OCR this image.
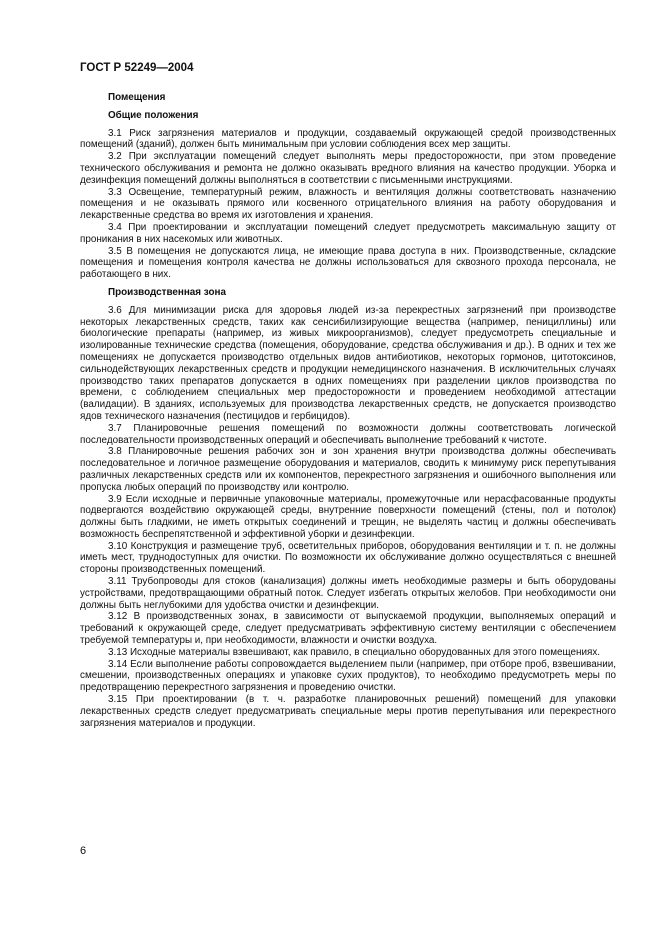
ГОСТ Р 52249—2004
Помещения
Общие положения

3.1 Риск загрязнения материалов и продукции, создаваемый окружающей средой производственных помещений (зданий), должен быть минимальным при условии соблюдения всех мер защиты.

3.2 При эксплуатации помещений следует выполнять меры предосторожности, при этом проведение технического обслуживания и ремонта не должно оказывать вредного влияния на качество продукции. Уборка и дезинфекция помещений должны выполняться в соответствии с письменными инструкциями.

3.3 Освещение, температурный режим, влажность и вентиляция должны соответствовать назначению помещения и не оказывать прямого или косвенного отрицательного влияния на работу оборудования и лекарственные средства во время их изготовления и хранения.

3.4 При проектировании и эксплуатации помещений следует предусмотреть максимальную защиту от проникания в них насекомых или животных.

3.5 В помещения не допускаются лица, не имеющие права доступа в них. Производственные, складские помещения и помещения контроля качества не должны использоваться для сквозного прохода персонала, не работающего в них.

Производственная зона

3.6 Для минимизации риска для здоровья людей из-за перекрестных загрязнений при производстве некоторых лекарственных средств, таких как сенсибилизирующие вещества (например, пенициллины) или биологические препараты (например, из живых микроорганизмов), следует предусмотреть специальные и изолированные технические средства (помещения, оборудование, средства обслуживания и др.). В одних и тех же помещениях не допускается производство отдельных видов антибиотиков, некоторых гормонов, цитотоксинов, сильнодействующих лекарственных средств и продукции немедицинского назначения. В исключительных случаях производство таких препаратов допускается в одних помещениях при разделении циклов производства по времени, с соблюдением специальных мер предосторожности и проведением необходимой аттестации (валидации). В зданиях, используемых для производства лекарственных средств, не допускается производство ядов технического назначения (пестицидов и гербицидов).

3.7 Планировочные решения помещений по возможности должны соответствовать логической последовательности производственных операций и обеспечивать выполнение требований к чистоте.

3.8 Планировочные решения рабочих зон и зон хранения внутри производства должны обеспечивать последовательное и логичное размещение оборудования и материалов, сводить к минимуму риск перепутывания различных лекарственных средств или их компонентов, перекрестного загрязнения и ошибочного выполнения или пропуска любых операций по производству или контролю.

3.9 Если исходные и первичные упаковочные материалы, промежуточные или нерасфасованные продукты подвергаются воздействию окружающей среды, внутренние поверхности помещений (стены, пол и потолок) должны быть гладкими, не иметь открытых соединений и трещин, не выделять частиц и должны обеспечивать возможность беспрепятственной и эффективной уборки и дезинфекции.

3.10 Конструкция и размещение труб, осветительных приборов, оборудования вентиляции и т. п. не должны иметь мест, труднодоступных для очистки. По возможности их обслуживание должно осуществляться с внешней стороны производственных помещений.

3.11 Трубопроводы для стоков (канализация) должны иметь необходимые размеры и быть оборудованы устройствами, предотвращающими обратный поток. Следует избегать открытых желобов. При необходимости они должны быть неглубокими для удобства очистки и дезинфекции.

3.12 В производственных зонах, в зависимости от выпускаемой продукции, выполняемых операций и требований к окружающей среде, следует предусматривать эффективную систему вентиляции с обеспечением требуемой температуры и, при необходимости, влажности и очистки воздуха.

3.13 Исходные материалы взвешивают, как правило, в специально оборудованных для этого помещениях.

3.14 Если выполнение работы сопровождается выделением пыли (например, при отборе проб, взвешивании, смешении, производственных операциях и упаковке сухих продуктов), то необходимо предусмотреть меры по предотвращению перекрестного загрязнения и проведению очистки.

3.15 При проектировании (в т. ч. разработке планировочных решений) помещений для упаковки лекарственных средств следует предусматривать специальные меры против перепутывания или перекрестного загрязнения материалов и продукции.

6
